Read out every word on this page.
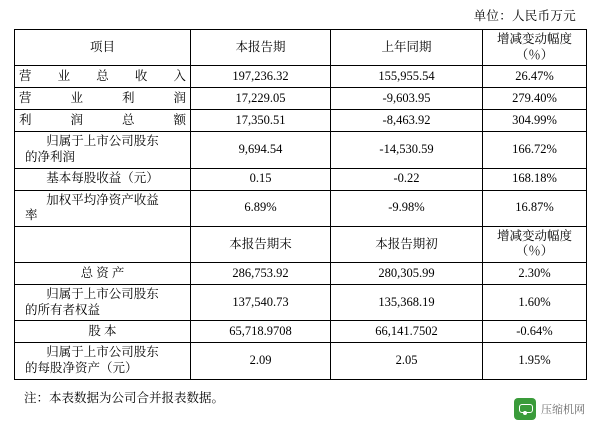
单位：人民币万元
项目	本报告期	上年同期	增减变动幅度
（％）

营业总收入	197,236.32	155,955.54	26.47%
营业利润	17,229.05	-9,603.95	279.40%
利润总额	17,350.51	-8,463.92	304.99%

归属于上市公司股东
的净利润	9,694.54	-14,530.59	166.72%
基本每股收益（元）	0.15	-0.22	168.18%

加权平均净资产收益
率	6.89%	-9.98%	16.87%
	本报告期末	本报告期初	增减变动幅度
（％）

总 资 产	286,753.92	280,305.99	2.30%

归属于上市公司股东
的所有者权益	137,540.73	135,368.19	1.60%
股 本	65,718.9708	66,141.7502	-0.64%

归属于上市公司股东
的每股净资产（元）	2.09	2.05	1.95%
注：本表数据为公司合并报表数据。
压缩机网
